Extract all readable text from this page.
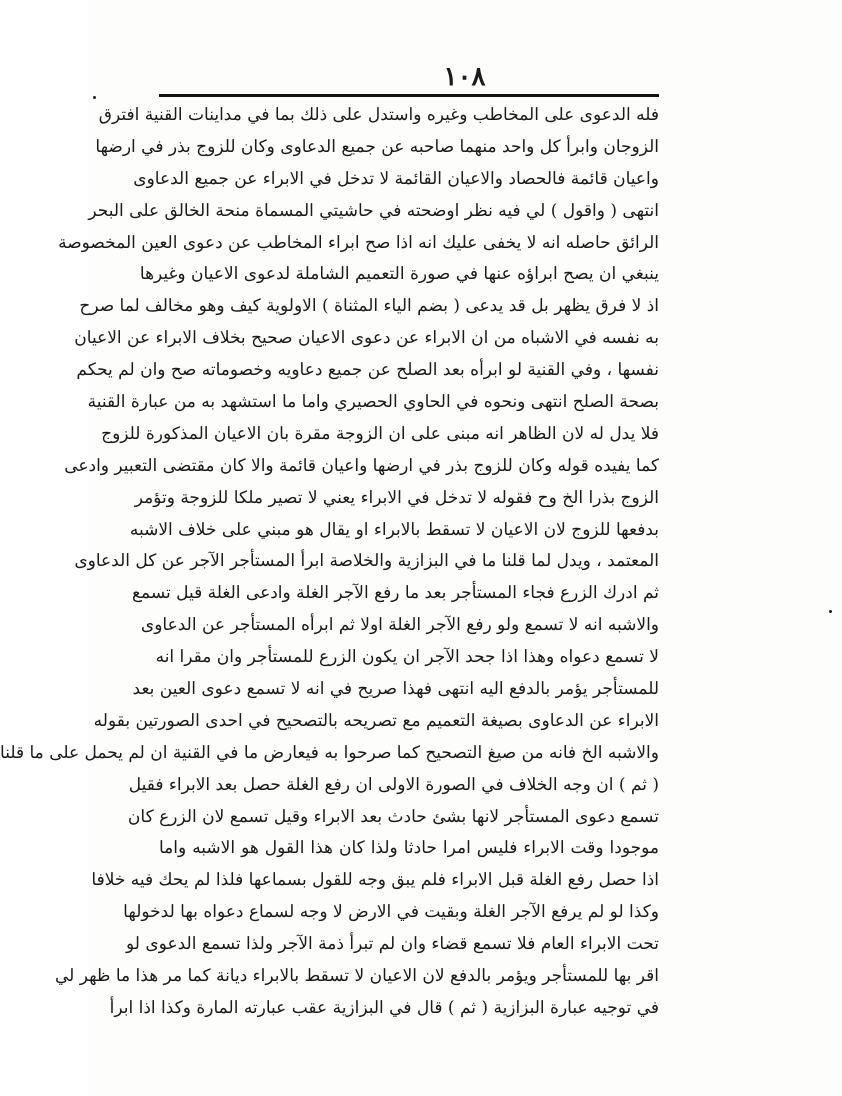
١٠٨
فله الدعوى على المخاطب وغيره واستدل على ذلك بما في مداينات القنية افترق
الزوجان وابرأ كل واحد منهما صاحبه عن جميع الدعاوى وكان للزوج بذر في ارضها
واعيان قائمة فالحصاد والاعيان القائمة لا تدخل في الابراء عن جميع الدعاوى
انتهى ( واقول ) لي فيه نظر اوضحته في حاشيتي المسماة منحة الخالق على البحر
الرائق حاصله انه لا يخفى عليك انه اذا صح ابراء المخاطب عن دعوى العين المخصوصة
ينبغي ان يصح ابراؤه عنها في صورة التعميم الشاملة لدعوى الاعيان وغيرها
اذ لا فرق يظهر بل قد يدعى ( بضم الياء المثناة ) الاولوية كيف وهو مخالف لما صرح
به نفسه في الاشباه من ان الابراء عن دعوى الاعيان صحيح بخلاف الابراء عن الاعيان
نفسها ، وفي القنية لو ابرأه بعد الصلح عن جميع دعاويه وخصوماته صح وان لم يحكم
بصحة الصلح انتهى ونحوه في الحاوي الحصيري واما ما استشهد به من عبارة القنية
فلا يدل له لان الظاهر انه مبنى على ان الزوجة مقرة بان الاعيان المذكورة للزوج
كما يفيده قوله وكان للزوج بذر في ارضها واعيان قائمة والا كان مقتضى التعبير وادعى
الزوج بذرا الخ وح فقوله لا تدخل في الابراء يعني لا تصير ملكا للزوجة وتؤمر
بدفعها للزوج لان الاعيان لا تسقط بالابراء او يقال هو مبني على خلاف الاشبه
المعتمد ، ويدل لما قلنا ما في البزازية والخلاصة ابرأ المستأجر الآجر عن كل الدعاوى
ثم ادرك الزرع فجاء المستأجر بعد ما رفع الآجر الغلة وادعى الغلة قيل تسمع
والاشبه انه لا تسمع ولو رفع الآجر الغلة اولا ثم ابرأه المستأجر عن الدعاوى
لا تسمع دعواه وهذا اذا جحد الآجر ان يكون الزرع للمستأجر وان مقرا انه
للمستأجر يؤمر بالدفع اليه انتهى فهذا صريح في انه لا تسمع دعوى العين بعد
الابراء عن الدعاوى بصيغة التعميم مع تصريحه بالتصحيح في احدى الصورتين بقوله
والاشبه الخ فانه من صيغ التصحيح كما صرحوا به فيعارض ما في القنية ان لم يحمل على ما قلنا
( ثم ) ان وجه الخلاف في الصورة الاولى ان رفع الغلة حصل بعد الابراء فقيل
تسمع دعوى المستأجر لانها بشئ حادث بعد الابراء وقيل تسمع لان الزرع كان
موجودا وقت الابراء فليس امرا حادثا ولذا كان هذا القول هو الاشبه واما
اذا حصل رفع الغلة قبل الابراء فلم يبق وجه للقول بسماعها فلذا لم يحك فيه خلافا
وكذا لو لم يرفع الآجر الغلة وبقيت في الارض لا وجه لسماع دعواه بها لدخولها
تحت الابراء العام فلا تسمع قضاء وان لم تبرأ ذمة الآجر ولذا تسمع الدعوى لو
اقر بها للمستأجر ويؤمر بالدفع لان الاعيان لا تسقط بالابراء ديانة كما مر هذا ما ظهر لي
في توجيه عبارة البزازية ( ثم ) قال في البزازية عقب عبارته المارة وكذا اذا ابرأ
